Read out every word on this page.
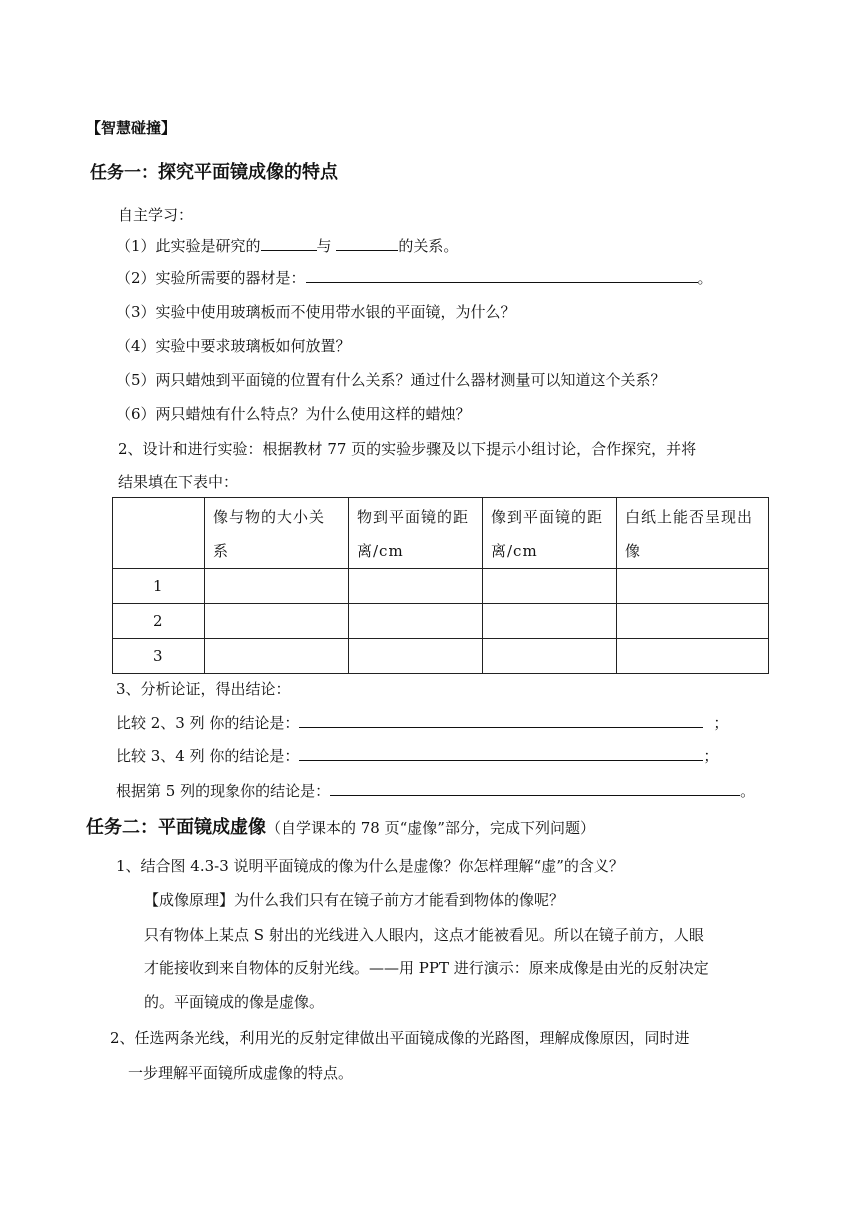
【智慧碰撞】
任务一：探究平面镜成像的特点
自主学习：
（1）此实验是研究的	与	的关系。
（2）实验所需要的器材是：	。
（3）实验中使用玻璃板而不使用带水银的平面镜，为什么？
（4）实验中要求玻璃板如何放置？
（5）两只蜡烛到平面镜的位置有什么关系？通过什么器材测量可以知道这个关系？
（6）两只蜡烛有什么特点？为什么使用这样的蜡烛？
2、设计和进行实验：根据教材 77 页的实验步骤及以下提示小组讨论，合作探究，并将
结果填在下表中：
	像与物的大小关系	物到平面镜的距离/cm	像到平面镜的距离/cm	白纸上能否呈现出像
1				
2				
3				
3、分析论证，得出结论：
比较 2、3 列 你的结论是：	；
比较 3、4 列 你的结论是：	；
根据第 5 列的现象你的结论是：	。
任务二：平面镜成虚像（自学课本的 78 页“虚像”部分，完成下列问题）
1、结合图 4.3-3 说明平面镜成的像为什么是虚像？你怎样理解“虚”的含义？
【成像原理】为什么我们只有在镜子前方才能看到物体的像呢？
只有物体上某点 S 射出的光线进入人眼内，这点才能被看见。所以在镜子前方，人眼
才能接收到来自物体的反射光线。——用 PPT 进行演示：原来成像是由光的反射决定
的。平面镜成的像是虚像。
2、任选两条光线，利用光的反射定律做出平面镜成像的光路图，理解成像原因，同时进
一步理解平面镜所成虚像的特点。
